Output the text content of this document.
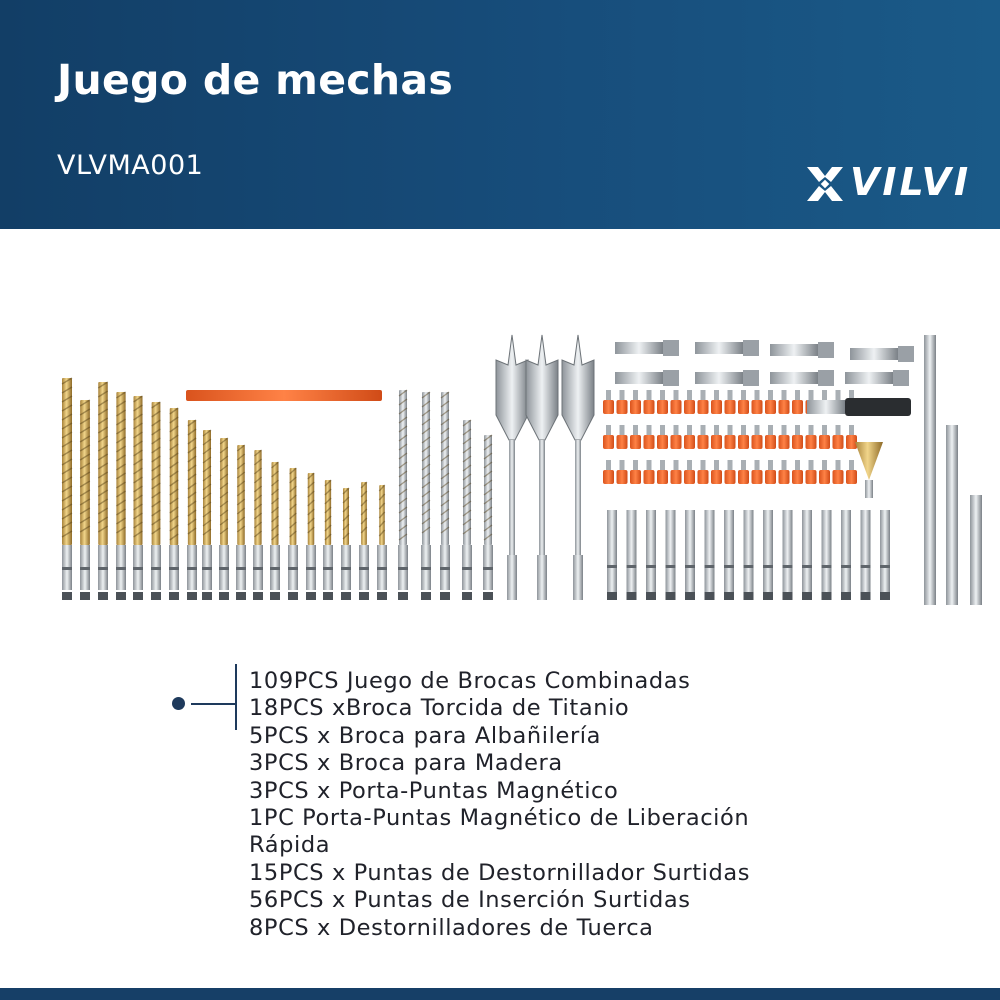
Juego de mechas
VLVMA001	VILVI
109PCS Juego de Brocas Combinadas
18PCS xBroca Torcida de Titanio
5PCS x Broca para Albañilería
3PCS x Broca para Madera
3PCS x Porta-Puntas Magnético
1PC Porta-Puntas Magnético de Liberación
Rápida
15PCS x Puntas de Destornillador Surtidas
56PCS x Puntas de Inserción Surtidas
8PCS x Destornilladores de Tuerca
